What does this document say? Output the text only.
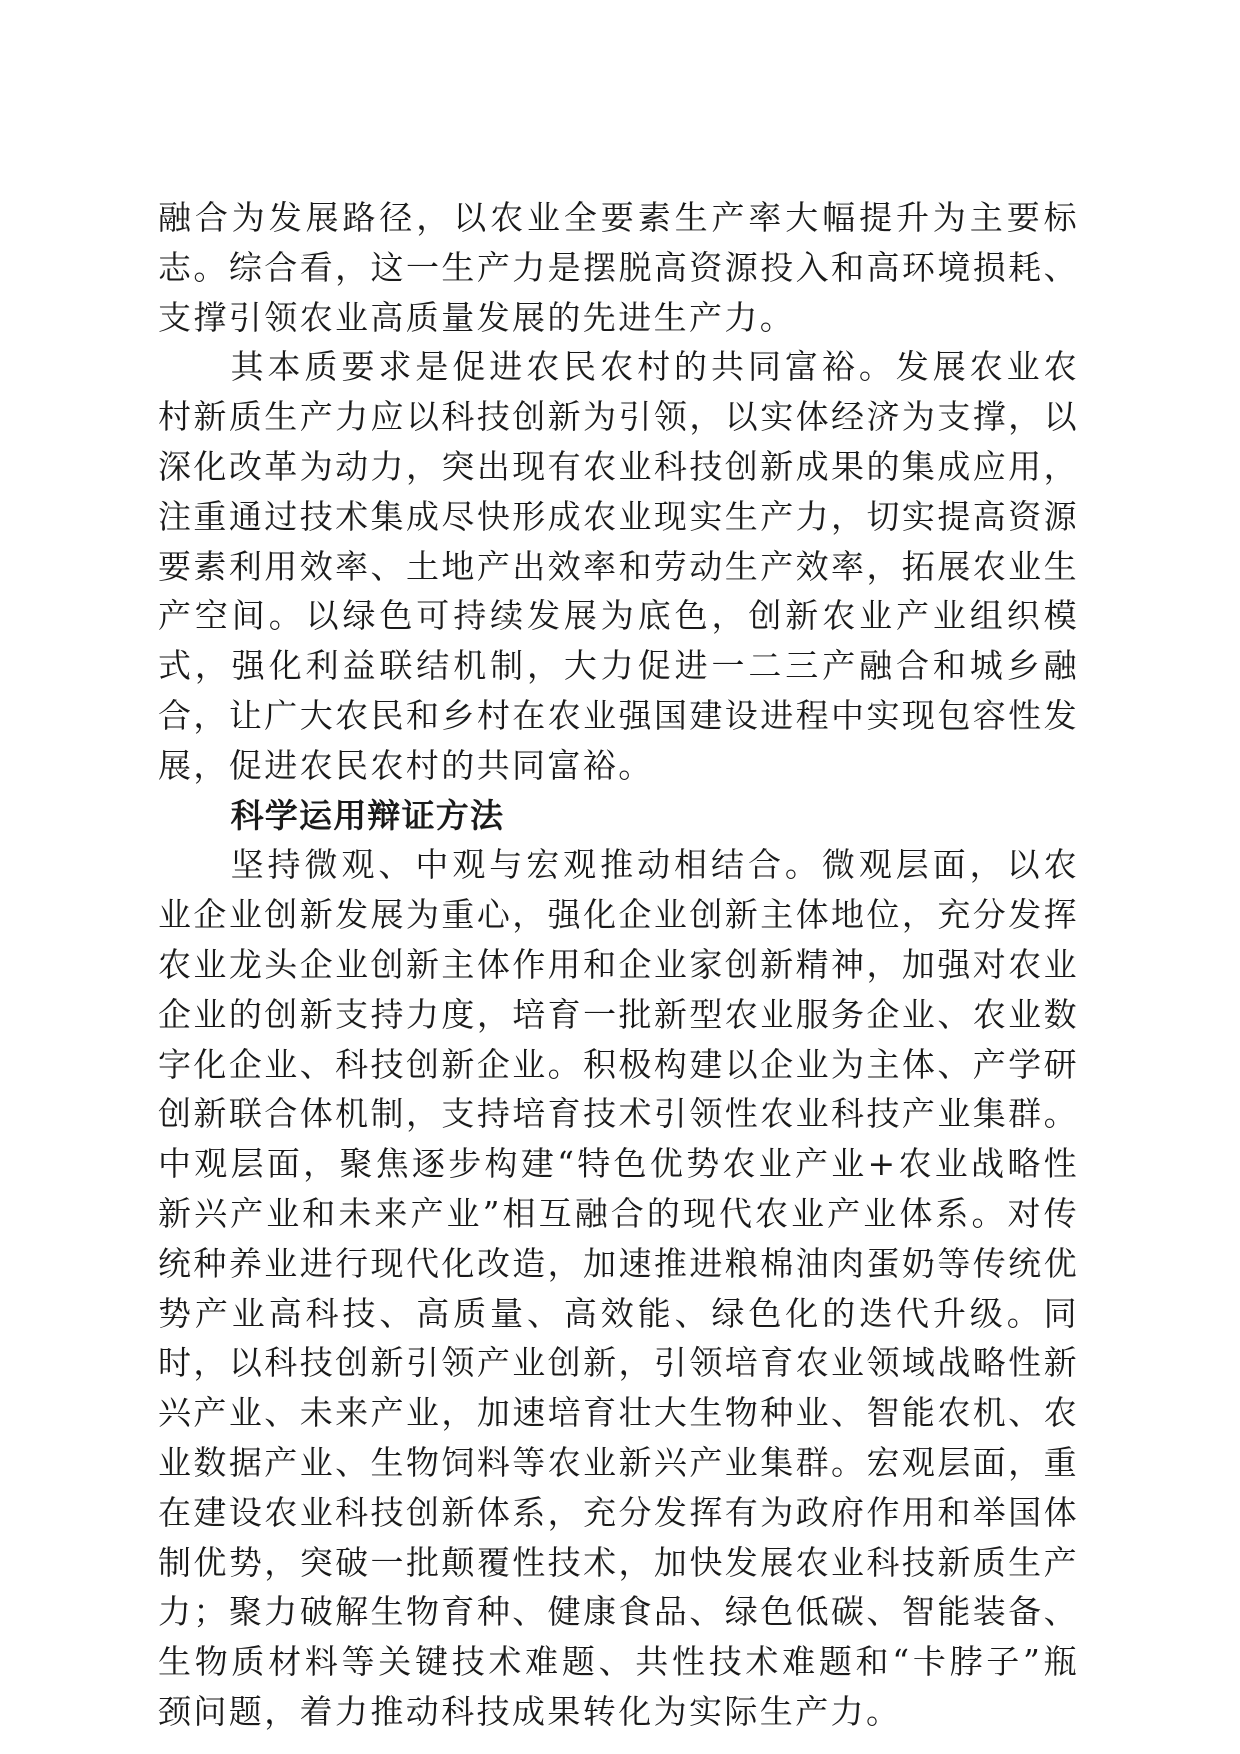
融合为发展路径，以农业全要素生产率大幅提升为主要标志。综合看，这一生产力是摆脱高资源投入和高环境损耗、支撑引领农业高质量发展的先进生产力。

其本质要求是促进农民农村的共同富裕。发展农业农村新质生产力应以科技创新为引领，以实体经济为支撑，以深化改革为动力，突出现有农业科技创新成果的集成应用，注重通过技术集成尽快形成农业现实生产力，切实提高资源要素利用效率、土地产出效率和劳动生产效率，拓展农业生产空间。以绿色可持续发展为底色，创新农业产业组织模式，强化利益联结机制，大力促进一二三产融合和城乡融合，让广大农民和乡村在农业强国建设进程中实现包容性发展，促进农民农村的共同富裕。

科学运用辩证方法

坚持微观、中观与宏观推动相结合。微观层面，以农业企业创新发展为重心，强化企业创新主体地位，充分发挥农业龙头企业创新主体作用和企业家创新精神，加强对农业企业的创新支持力度，培育一批新型农业服务企业、农业数字化企业、科技创新企业。积极构建以企业为主体、产学研创新联合体机制，支持培育技术引领性农业科技产业集群。中观层面，聚焦逐步构建“特色优势农业产业+农业战略性新兴产业和未来产业”相互融合的现代农业产业体系。对传统种养业进行现代化改造，加速推进粮棉油肉蛋奶等传统优势产业高科技、高质量、高效能、绿色化的迭代升级。同时，以科技创新引领产业创新，引领培育农业领域战略性新兴产业、未来产业，加速培育壮大生物种业、智能农机、农业数据产业、生物饲料等农业新兴产业集群。宏观层面，重在建设农业科技创新体系，充分发挥有为政府作用和举国体制优势，突破一批颠覆性技术，加快发展农业科技新质生产力；聚力破解生物育种、健康食品、绿色低碳、智能装备、生物质材料等关键技术难题、共性技术难题和“卡脖子”瓶颈问题，着力推动科技成果转化为实际生产力。
